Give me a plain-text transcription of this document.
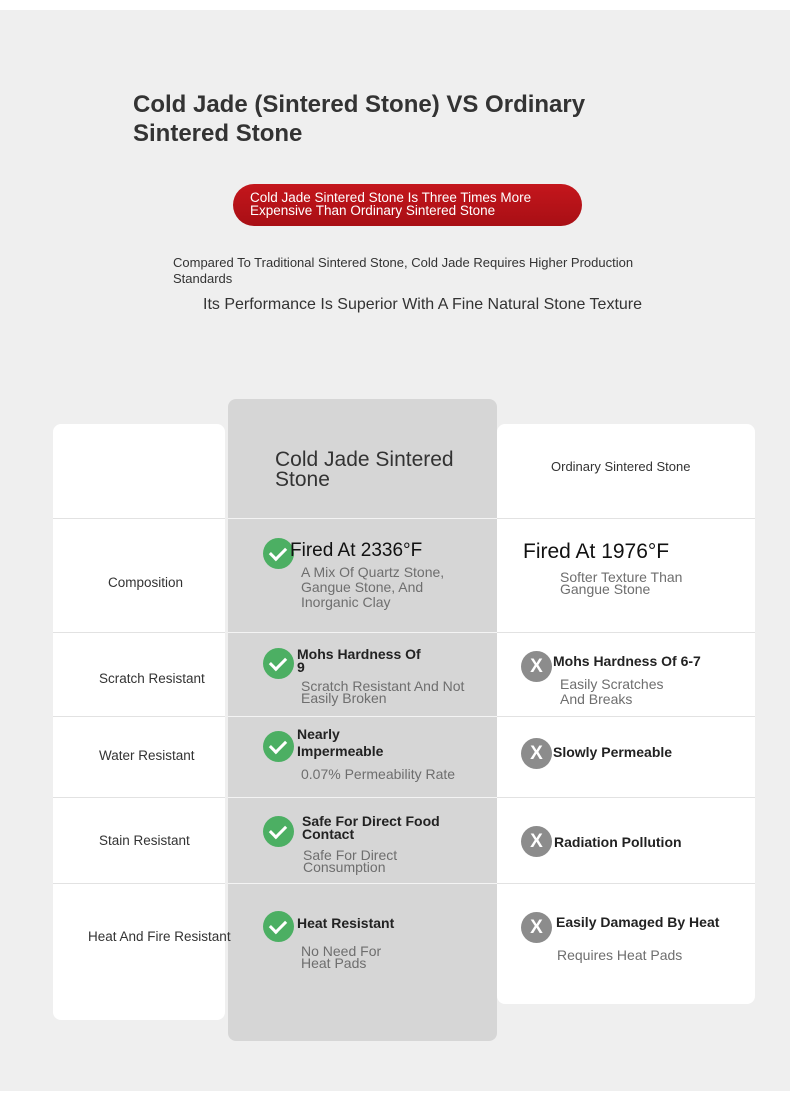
Cold Jade (Sintered Stone) VS Ordinary Sintered Stone
Cold Jade Sintered Stone Is Three Times More Expensive Than Ordinary Sintered Stone
Compared To Traditional Sintered Stone, Cold Jade Requires Higher Production Standards
Its Performance Is Superior With A Fine Natural Stone Texture
Cold Jade Sintered Stone
Ordinary Sintered Stone
Composition
Scratch Resistant
Water Resistant
Stain Resistant
Heat And Fire Resistant
Fired At 2336°F
A Mix Of Quartz Stone, Gangue Stone, And Inorganic Clay
Fired At 1976°F
Softer Texture Than Gangue Stone
Mohs Hardness Of 9
Scratch Resistant And Not Easily Broken
X Mohs Hardness Of 6-7
Easily Scratches And Breaks
Nearly Impermeable
0.07% Permeability Rate
X Slowly Permeable
Safe For Direct Food Contact
Safe For Direct Consumption
X Radiation Pollution
Heat Resistant
No Need For Heat Pads
X Easily Damaged By Heat
Requires Heat Pads
